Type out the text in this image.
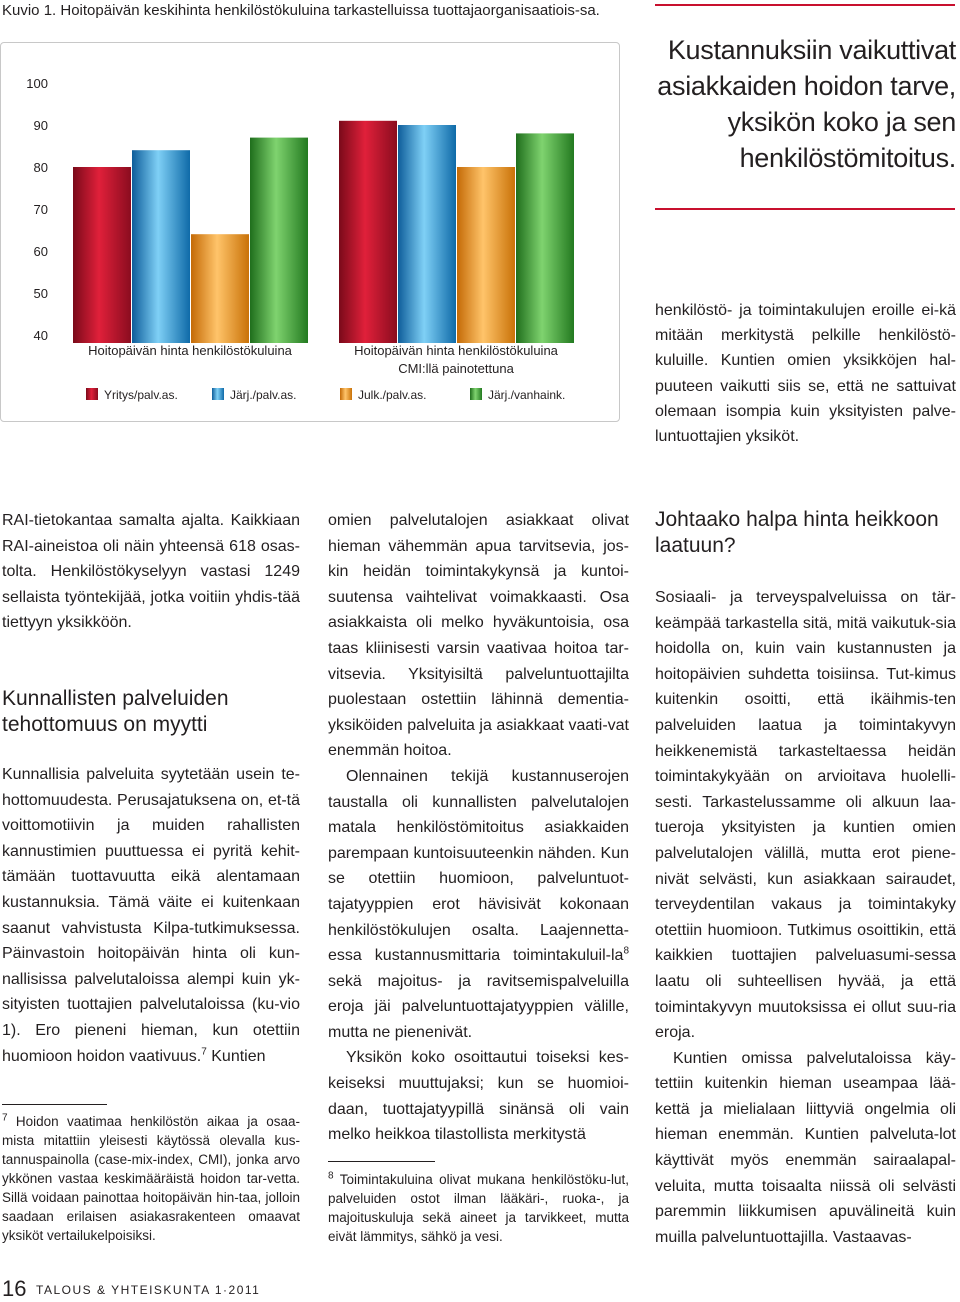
Kuvio 1. Hoitopäivän keskihinta henkilöstökuluina tarkastelluissa tuottajaorganisaatiois-sa.
100
90
80
70
60
50
40
Hoitopäivän hinta henkilöstökuluina	Hoitopäivän hinta henkilöstökuluina
CMI:llä painotettuna
Yritys/palv.as.	Järj./palv.as.	Julk./palv.as.	Järj./vanhaink.
Kustannuksiin vaikuttivat asiakkaiden hoidon tarve, yksikön koko ja sen henkilöstömitoitus.

henkilöstö- ja toimintakulujen eroille ei-kä mitään merkitystä pelkille henkilöstö-kuluille. Kuntien omien yksikköjen hal-puuteen vaikutti siis se, että ne sattuivat olemaan isompia kuin yksityisten palve-luntuottajien yksiköt.

RAI-tietokantaa samalta ajalta. Kaikkiaan RAI-aineistoa oli näin yhteensä 618 osas-tolta. Henkilöstökyselyyn vastasi 1249 sellaista työntekijää, jotka voitiin yhdis-tää tiettyyn yksikköön.

Kunnallisten palveluiden tehottomuus on myytti

Kunnallisia palveluita syytetään usein te-hottomuudesta. Perusajatuksena on, et-tä voittomotiivin ja muiden rahallisten kannustimien puuttuessa ei pyritä kehit-tämään tuottavuutta eikä alentamaan kustannuksia. Tämä väite ei kuitenkaan saanut vahvistusta Kilpa-tutkimuksessa. Päinvastoin hoitopäivän hinta oli kun-nallisissa palvelutaloissa alempi kuin yk-sityisten tuottajien palvelutaloissa (ku-vio 1). Ero pieneni hieman, kun otettiin huomioon hoidon vaativuus.$^7$ Kuntien

$^7$ Hoidon vaatimaa henkilöstön aikaa ja osaa-mista mitattiin yleisesti käytössä olevalla kus-tannuspainolla (case-mix-index, CMI), jonka arvo ykkönen vastaa keskimääräistä hoidon tar-vetta. Sillä voidaan painottaa hoitopäivän hin-taa, jolloin saadaan erilaisen asiakasrakenteen omaavat yksiköt vertailukelpoisiksi.

omien palvelutalojen asiakkaat olivat hieman vähemmän apua tarvitsevia, jos-kin heidän toimintakykynsä ja kuntoi-suutensa vaihtelivat voimakkaasti. Osa asiakkaista oli melko hyväkuntoisia, osa taas kliinisesti varsin vaativaa hoitoa tar-vitsevia. Yksityisiltä palveluntuottajilta puolestaan ostettiin lähinnä dementia-yksiköiden palveluita ja asiakkaat vaati-vat enemmän hoitoa.

Olennainen tekijä kustannuserojen taustalla oli kunnallisten palvelutalojen matala henkilöstömitoitus asiakkaiden parempaan kuntoisuuteenkin nähden. Kun se otettiin huomioon, palveluntuot-tajatyyppien erot hävisivät kokonaan henkilöstökulujen osalta. Laajennetta-essa kustannusmittaria toimintakuluil-$la^8$ sekä majoitus- ja ravitsemispalveluilla eroja jäi palveluntuottajatyyppien välille, mutta ne pienenivät.

Yksikön koko osoittautui toiseksi kes-keiseksi muuttujaksi; kun se huomioi-daan, tuottajatyypillä sinänsä oli vain melko heikkoa tilastollista merkitystä

$^8$ Toimintakuluina olivat mukana henkilöstöku-lut, palveluiden ostot ilman lääkäri-, ruoka-, ja majoituskuluja sekä aineet ja tarvikkeet, mutta eivät lämmitys, sähkö ja vesi.
Johtaako halpa hinta heikkoon laatuun?

Sosiaali- ja terveyspalveluissa on tär-keämpää tarkastella sitä, mitä vaikutuk-sia hoidolla on, kuin vain kustannusten ja hoitopäivien suhdetta toisiinsa. Tut-kimus kuitenkin osoitti, että ikäihmis-ten palveluiden laatua ja toimintakyvyn heikkenemistä tarkasteltaessa heidän toimintakykyään on arvioitava huolelli-sesti. Tarkastelussamme oli alkuun laa-tueroja yksityisten ja kuntien omien palvelutalojen välillä, mutta erot piene-nivät selvästi, kun asiakkaan sairaudet, terveydentilan vakaus ja toimintakyky otettiin huomioon. Tutkimus osoittikin, että kaikkien tuottajien palveluasumi-sessa laatu oli suhteellisen hyvää, ja että toimintakyvyn muutoksissa ei ollut suu-ria eroja.

Kuntien omissa palvelutaloissa käy-tettiin kuitenkin hieman useampaa lää-kettä ja mielialaan liittyviä ongelmia oli hieman enemmän. Kuntien palveluta-lot käyttivät myös enemmän sairaalapal-veluita, mutta toisaalta niissä oli selvästi paremmin liikkumisen apuvälineitä kuin muilla palveluntuottajilla. Vastaavas-

16 TALOUS & YHTEISKUNTA 1·2011
